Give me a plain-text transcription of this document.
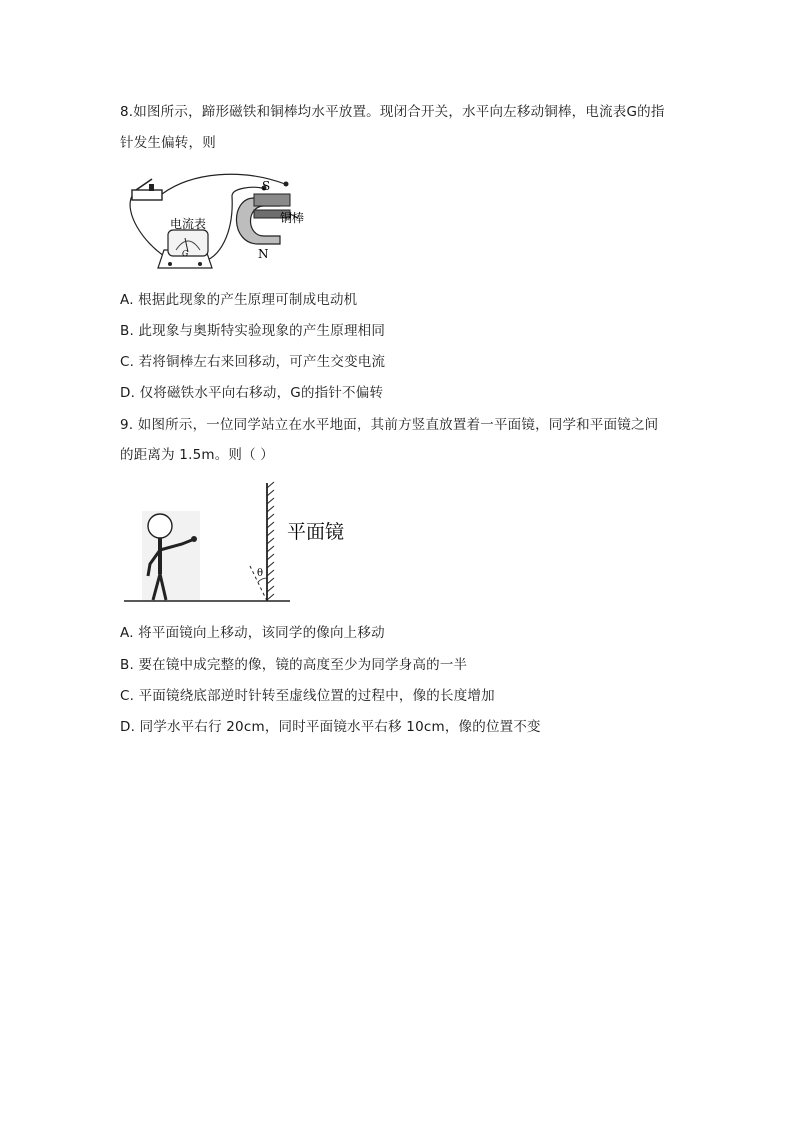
8.如图所示，蹄形磁铁和铜棒均水平放置。现闭合开关，水平向左移动铜棒，电流表G的指
针发生偏转，则
G
电流表
S
N
铜棒
A. 根据此现象的产生原理可制成电动机
B. 此现象与奥斯特实验现象的产生原理相同
C. 若将铜棒左右来回移动，可产生交变电流
D. 仅将磁铁水平向右移动，G的指针不偏转
9. 如图所示，一位同学站立在水平地面，其前方竖直放置着一平面镜，同学和平面镜之间
的距离为 1.5m。则（ ）
θ
平面镜
A. 将平面镜向上移动，该同学的像向上移动
B. 要在镜中成完整的像，镜的高度至少为同学身高的一半
C. 平面镜绕底部逆时针转至虚线位置的过程中，像的长度增加
D. 同学水平右行 20cm，同时平面镜水平右移 10cm，像的位置不变
